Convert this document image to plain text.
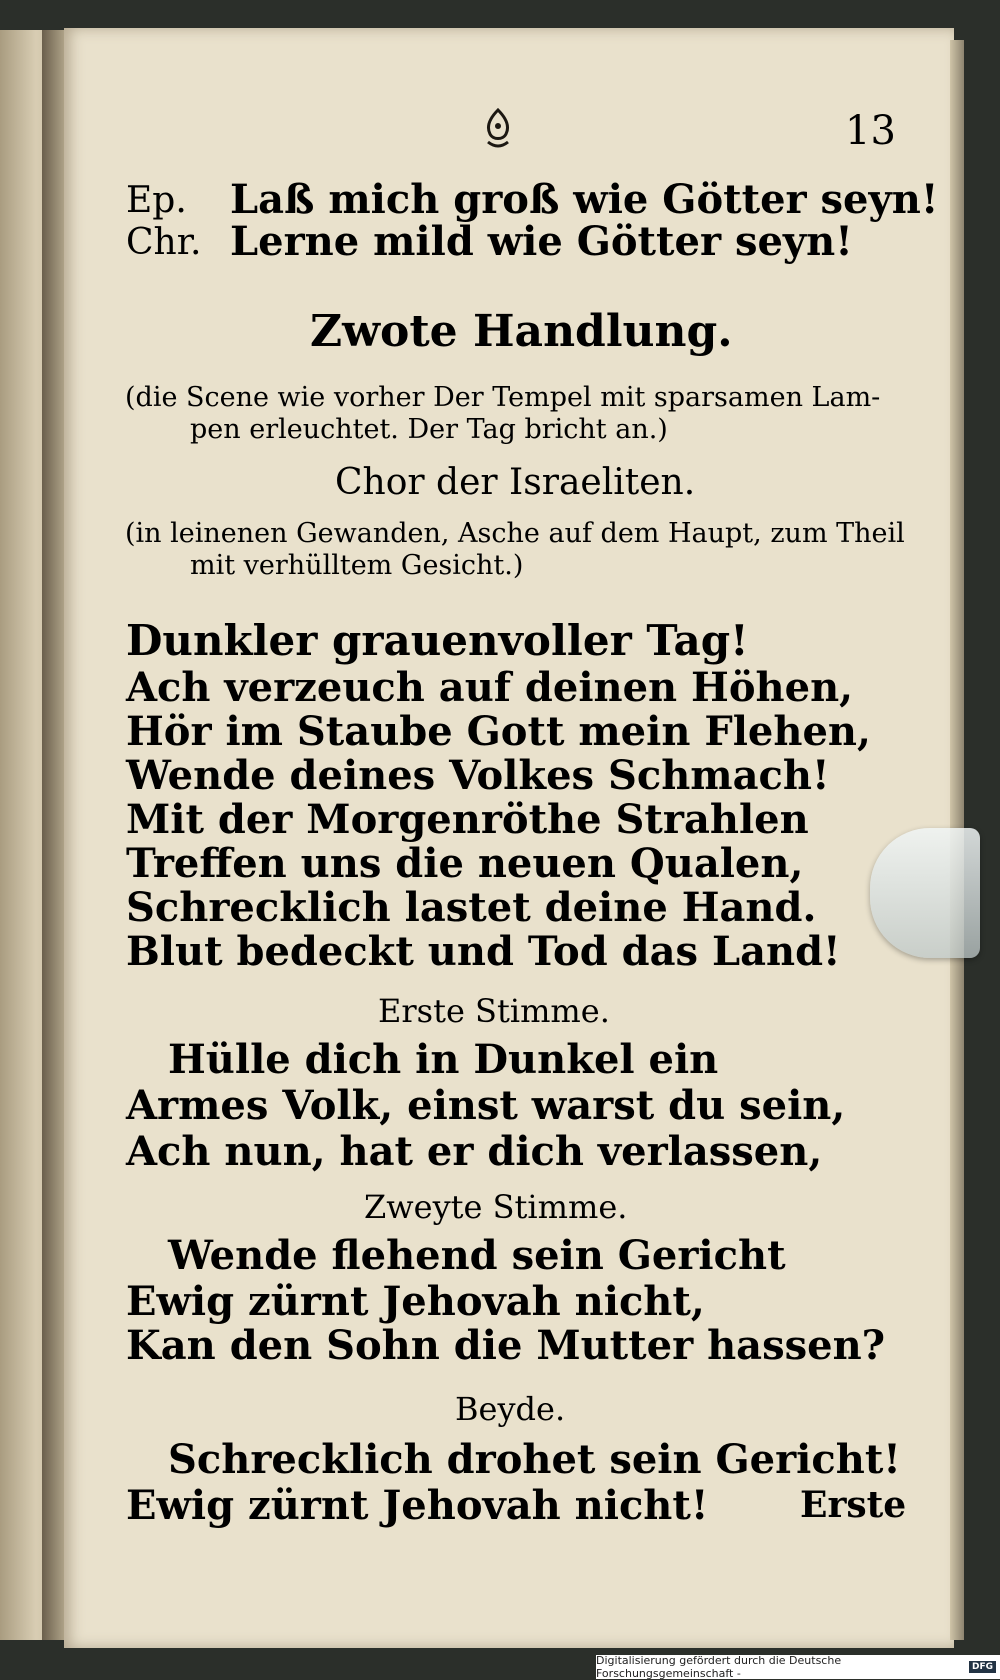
13
Ep. Laß mich groß wie Götter seyn!
Chr. Lerne mild wie Götter seyn!
Zwote Handlung.
(die Scene wie vorher Der Tempel mit sparsamen Lam-
pen erleuchtet. Der Tag bricht an.)
Chor der Israeliten.
(in leinenen Gewanden, Asche auf dem Haupt, zum Theil
mit verhülltem Gesicht.)
Dunkler grauenvoller Tag!
Ach verzeuch auf deinen Höhen,
Hör im Staube Gott mein Flehen,
Wende deines Volkes Schmach!
Mit der Morgenröthe Strahlen
Treffen uns die neuen Qualen,
Schrecklich lastet deine Hand.
Blut bedeckt und Tod das Land!
Erste Stimme.
Hülle dich in Dunkel ein
Armes Volk, einst warst du sein,
Ach nun, hat er dich verlassen,
Zweyte Stimme.
Wende flehend sein Gericht
Ewig zürnt Jehovah nicht,
Kan den Sohn die Mutter hassen?
Beyde.
Schrecklich drohet sein Gericht!
Ewig zürnt Jehovah nicht!	Erste
Digitalisierung gefördert durch die Deutsche Forschungsgemeinschaft -	DFG
